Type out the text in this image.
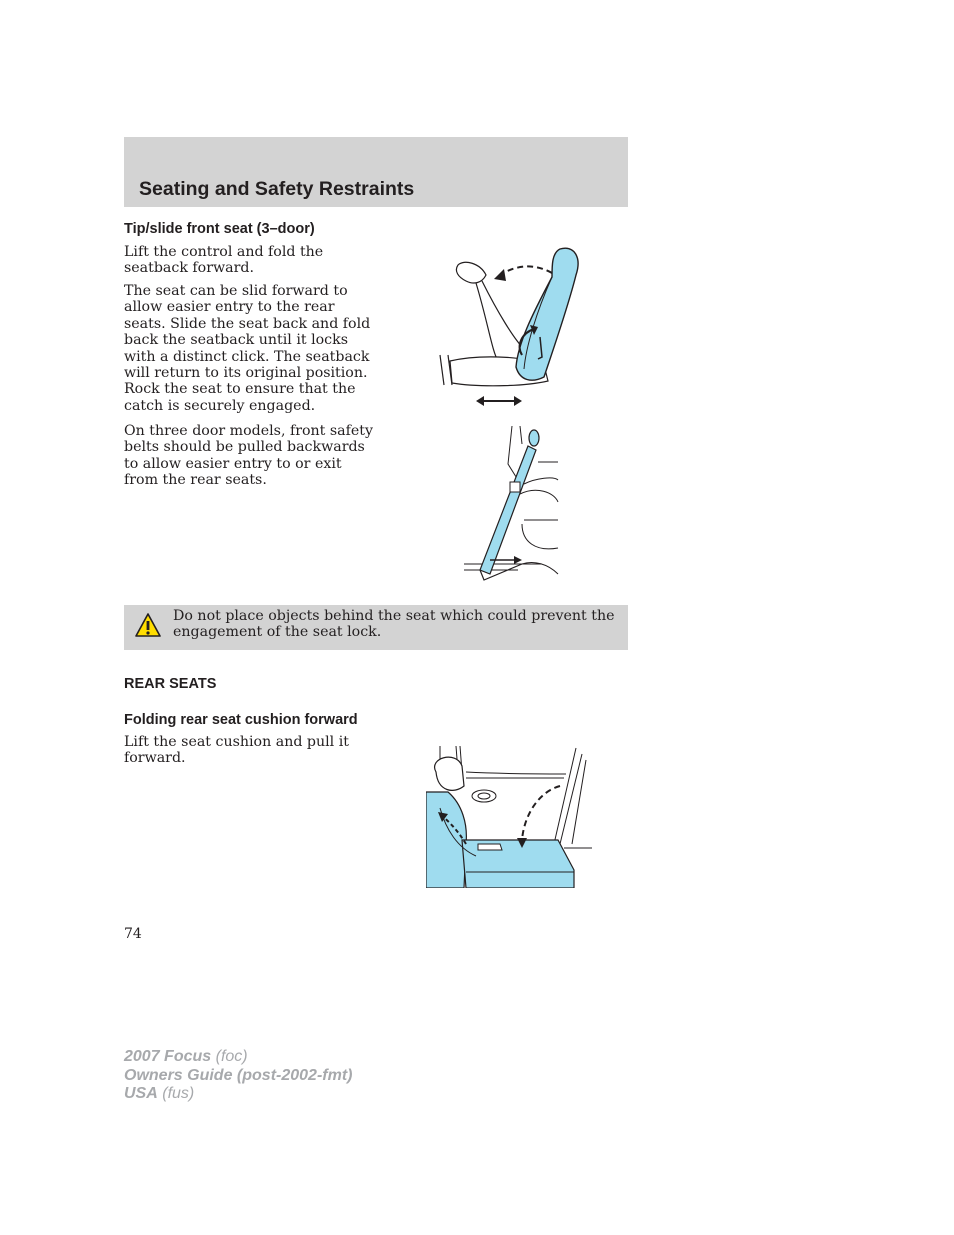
Seating and Safety Restraints
Tip/slide front seat (3–door)

Lift the control and fold the seatback forward.

The seat can be slid forward to allow easier entry to the rear seats. Slide the seat back and fold back the seatback until it locks with a distinct click. The seatback will return to its original position. Rock the seat to ensure that the catch is securely engaged.

On three door models, front safety belts should be pulled backwards to allow easier entry to or exit from the rear seats.

Do not place objects behind the seat which could prevent the engagement of the seat lock.

REAR SEATS
Folding rear seat cushion forward

Lift the seat cushion and pull it forward.

74

2007 Focus (foc)
Owners Guide (post-2002-fmt)
USA (fus)
